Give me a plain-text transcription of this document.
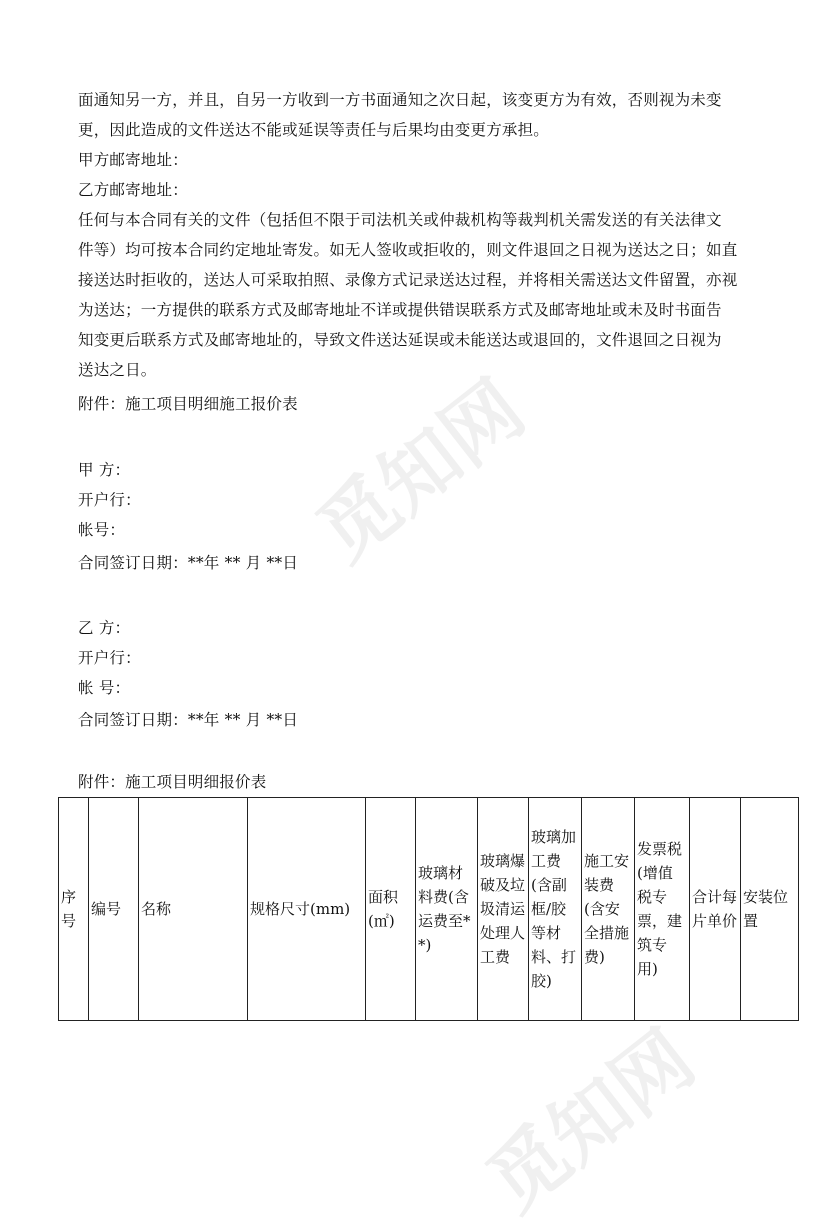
觅知网
觅知网
面通知另一方，并且，自另一方收到一方书面通知之次日起，该变更方为有效，否则视为未变
更，因此造成的文件送达不能或延误等责任与后果均由变更方承担。
甲方邮寄地址：
乙方邮寄地址：
任何与本合同有关的文件（包括但不限于司法机关或仲裁机构等裁判机关需发送的有关法律文
件等）均可按本合同约定地址寄发。如无人签收或拒收的，则文件退回之日视为送达之日；如直
接送达时拒收的，送达人可采取拍照、录像方式记录送达过程，并将相关需送达文件留置，亦视
为送达；一方提供的联系方式及邮寄地址不详或提供错误联系方式及邮寄地址或未及时书面告
知变更后联系方式及邮寄地址的，导致文件送达延误或未能送达或退回的，文件退回之日视为
送达之日。
附件：施工项目明细施工报价表
甲 方：
开户行：
帐号：
合同签订日期：**年 ** 月 **日
乙 方：
开户行：
帐 号：
合同签订日期：**年 ** 月 **日
附件：施工项目明细报价表
序号	编号	名称	规格尺寸(mm)	面积(㎡)	玻璃材料费(含运费至**)	玻璃爆破及垃圾清运处理人工费	玻璃加工费(含副框/胶等材料、打胶)	施工安装费(含安全措施费)	发票税(增值税专票，建筑专用)	合计每片单价	安装位置
